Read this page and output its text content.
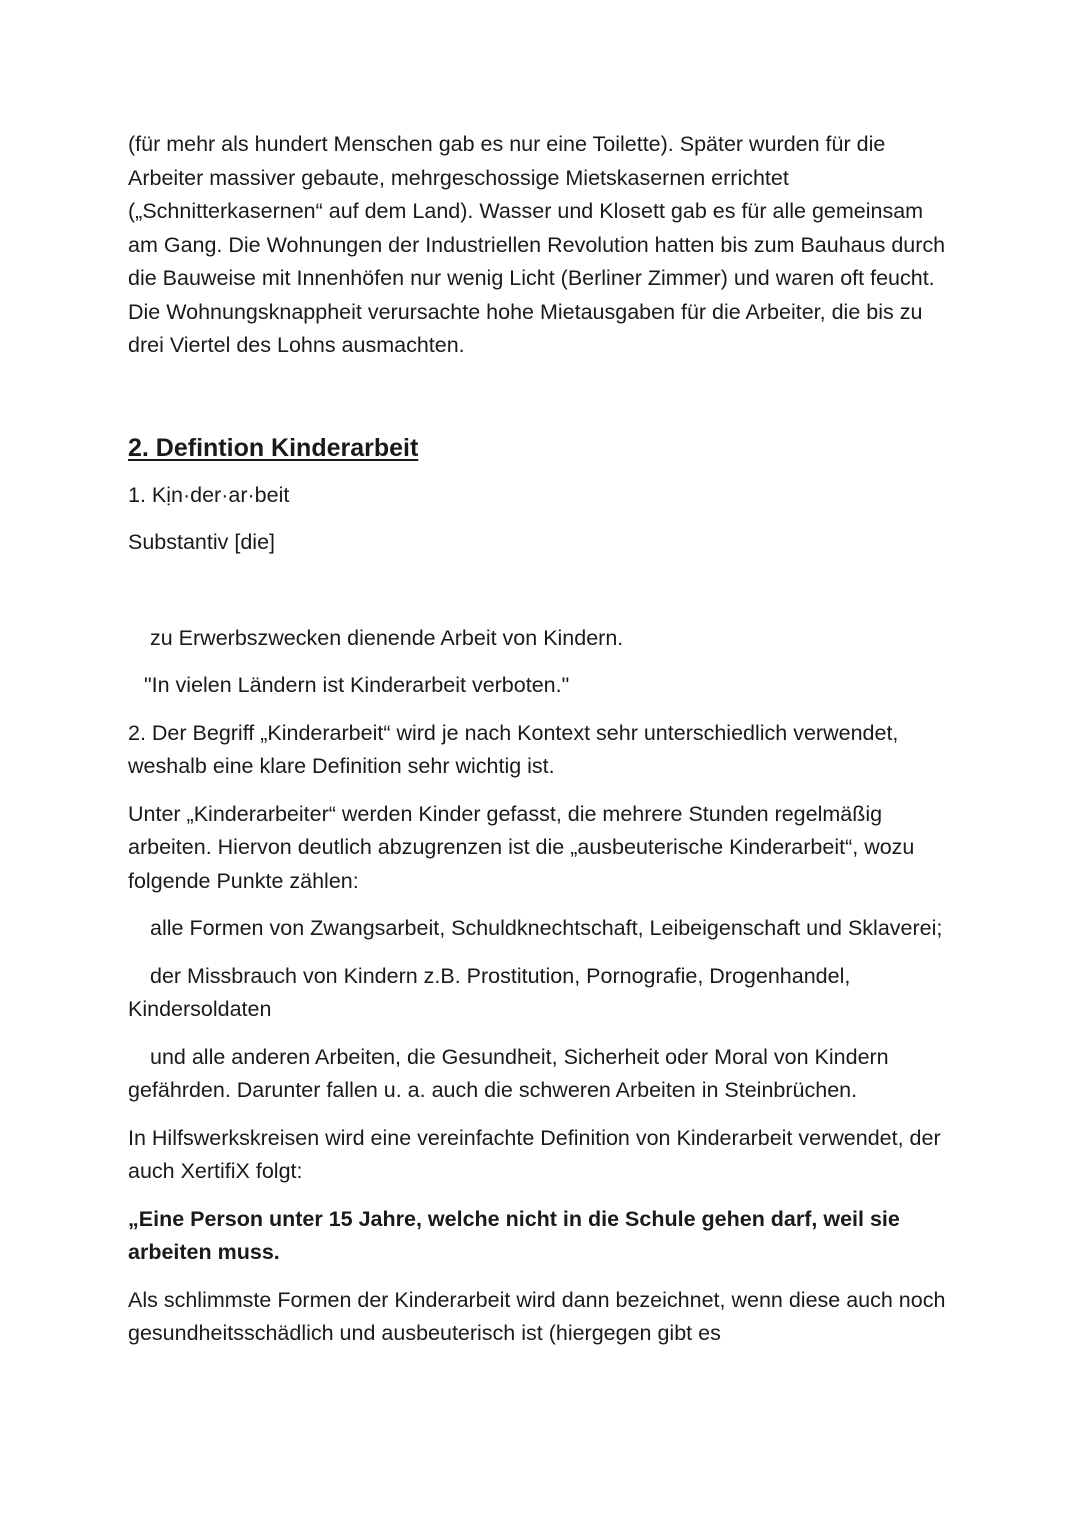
(für mehr als hundert Menschen gab es nur eine Toilette). Später wurden für die Arbeiter massiver gebaute, mehrgeschossige Mietskasernen errichtet („Schnitterkasernen“ auf dem Land). Wasser und Klosett gab es für alle gemeinsam am Gang. Die Wohnungen der Industriellen Revolution hatten bis zum Bauhaus durch die Bauweise mit Innenhöfen nur wenig Licht (Berliner Zimmer) und waren oft feucht. Die Wohnungsknappheit verursachte hohe Mietausgaben für die Arbeiter, die bis zu drei Viertel des Lohns ausmachten.

2. Defintion Kinderarbeit

1. Kịn·der·ar·beit

Substantiv [die]

zu Erwerbszwecken dienende Arbeit von Kindern.

"In vielen Ländern ist Kinderarbeit verboten."

2. Der Begriff „Kinderarbeit“ wird je nach Kontext sehr unterschiedlich verwendet, weshalb eine klare Definition sehr wichtig ist.

Unter „Kinderarbeiter“ werden Kinder gefasst, die mehrere Stunden regelmäßig arbeiten. Hiervon deutlich abzugrenzen ist die „ausbeuterische Kinderarbeit“, wozu folgende Punkte zählen:

alle Formen von Zwangsarbeit, Schuldknechtschaft, Leibeigenschaft und Sklaverei;

der Missbrauch von Kindern z.B. Prostitution, Pornografie, Drogenhandel, Kindersoldaten

und alle anderen Arbeiten, die Gesundheit, Sicherheit oder Moral von Kindern gefährden. Darunter fallen u. a. auch die schweren Arbeiten in Steinbrüchen.

In Hilfswerkskreisen wird eine vereinfachte Definition von Kinderarbeit verwendet, der auch XertifiX folgt:

„Eine Person unter 15 Jahre, welche nicht in die Schule gehen darf, weil sie arbeiten muss.

Als schlimmste Formen der Kinderarbeit wird dann bezeichnet, wenn diese auch noch gesundheitsschädlich und ausbeuterisch ist (hiergegen gibt es
